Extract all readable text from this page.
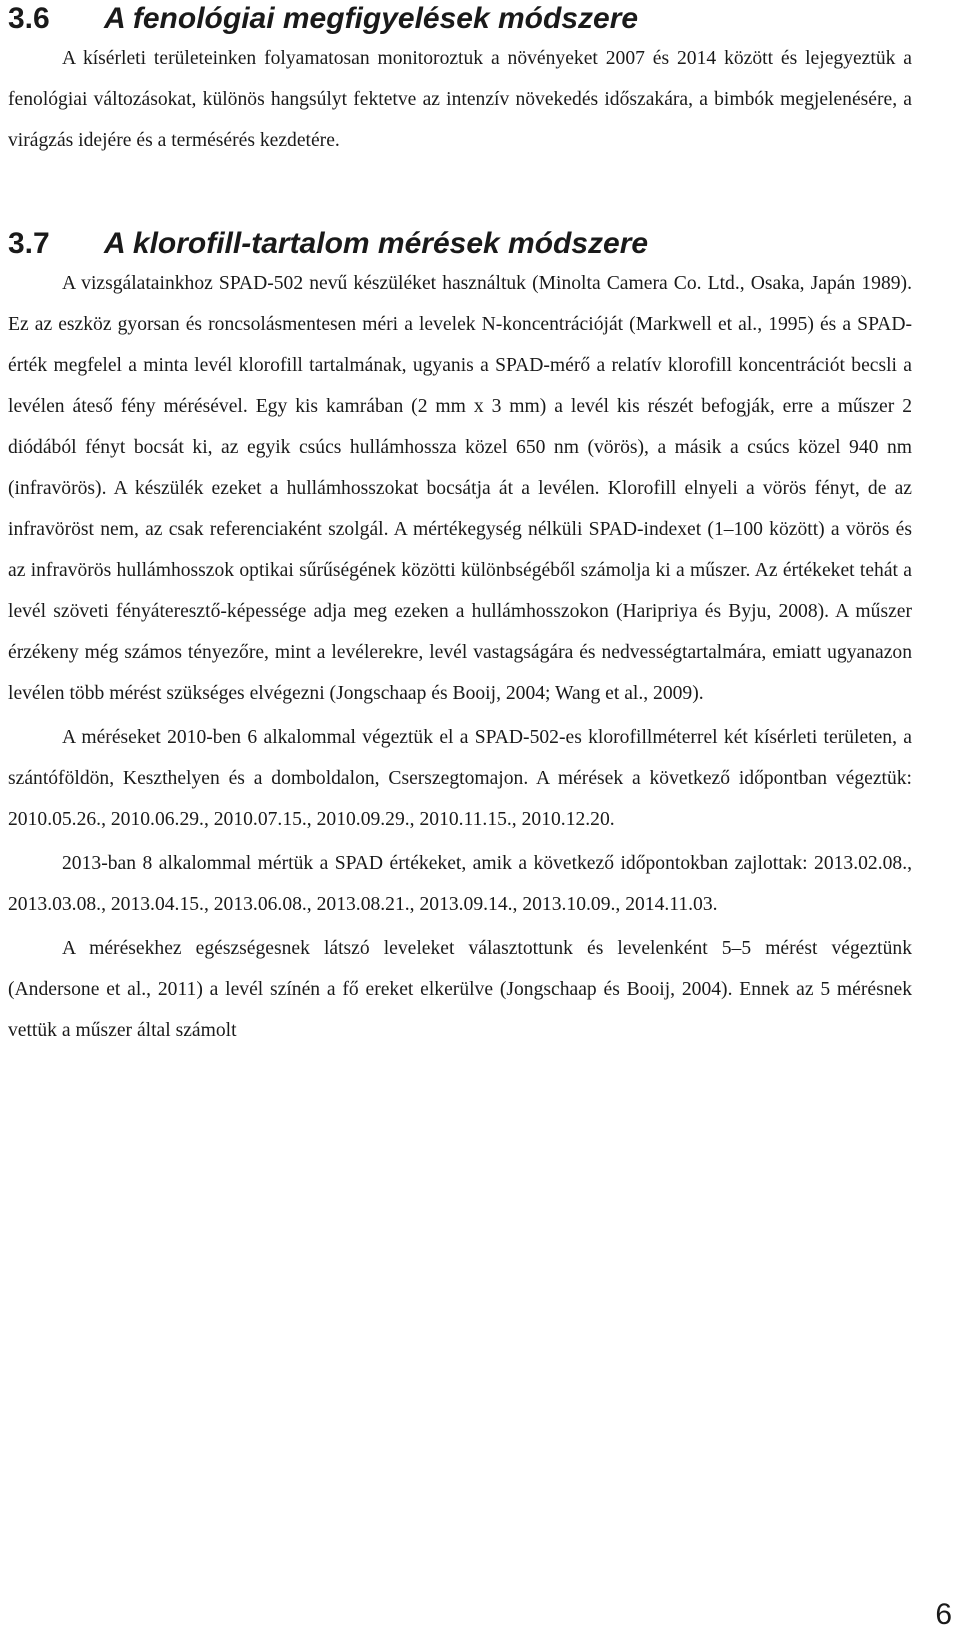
3.6 A fenológiai megfigyelések módszere

A kísérleti területeinken folyamatosan monitoroztuk a növényeket 2007 és 2014 között és lejegyeztük a fenológiai változásokat, különös hangsúlyt fektetve az intenzív növekedés időszakára, a bimbók megjelenésére, a virágzás idejére és a termésérés kezdetére.

3.7 A klorofill-tartalom mérések módszere

A vizsgálatainkhoz SPAD-502 nevű készüléket használtuk (Minolta Camera Co. Ltd., Osaka, Japán 1989). Ez az eszköz gyorsan és roncsolásmentesen méri a levelek N-koncentrációját (Markwell et al., 1995) és a SPAD-érték megfelel a minta levél klorofill tartalmának, ugyanis a SPAD-mérő a relatív klorofill koncentrációt becsli a levélen áteső fény mérésével. Egy kis kamrában (2 mm x 3 mm) a levél kis részét befogják, erre a műszer 2 diódából fényt bocsát ki, az egyik csúcs hullámhossza közel 650 nm (vörös), a másik a csúcs közel 940 nm (infravörös). A készülék ezeket a hullámhosszokat bocsátja át a levélen. Klorofill elnyeli a vörös fényt, de az infravöröst nem, az csak referenciaként szolgál. A mértékegység nélküli SPAD-indexet (1–100 között) a vörös és az infravörös hullámhosszok optikai sűrűségének közötti különbségéből számolja ki a műszer. Az értékeket tehát a levél szöveti fényáteresztő-képessége adja meg ezeken a hullámhosszokon (Haripriya és Byju, 2008). A műszer érzékeny még számos tényezőre, mint a levélerekre, levél vastagságára és nedvességtartalmára, emiatt ugyanazon levélen több mérést szükséges elvégezni (Jongschaap és Booij, 2004; Wang et al., 2009).

A méréseket 2010-ben 6 alkalommal végeztük el a SPAD-502-es klorofillméterrel két kísérleti területen, a szántóföldön, Keszthelyen és a domboldalon, Cserszegtomajon. A mérések a következő időpontban végeztük: 2010.05.26., 2010.06.29., 2010.07.15., 2010.09.29., 2010.11.15., 2010.12.20.

2013-ban 8 alkalommal mértük a SPAD értékeket, amik a következő időpontokban zajlottak: 2013.02.08., 2013.03.08., 2013.04.15., 2013.06.08., 2013.08.21., 2013.09.14., 2013.10.09., 2014.11.03.

A mérésekhez egészségesnek látszó leveleket választottunk és levelenként 5–5 mérést végeztünk (Andersone et al., 2011) a levél színén a fő ereket elkerülve (Jongschaap és Booij, 2004). Ennek az 5 mérésnek vettük a műszer által számolt

6
